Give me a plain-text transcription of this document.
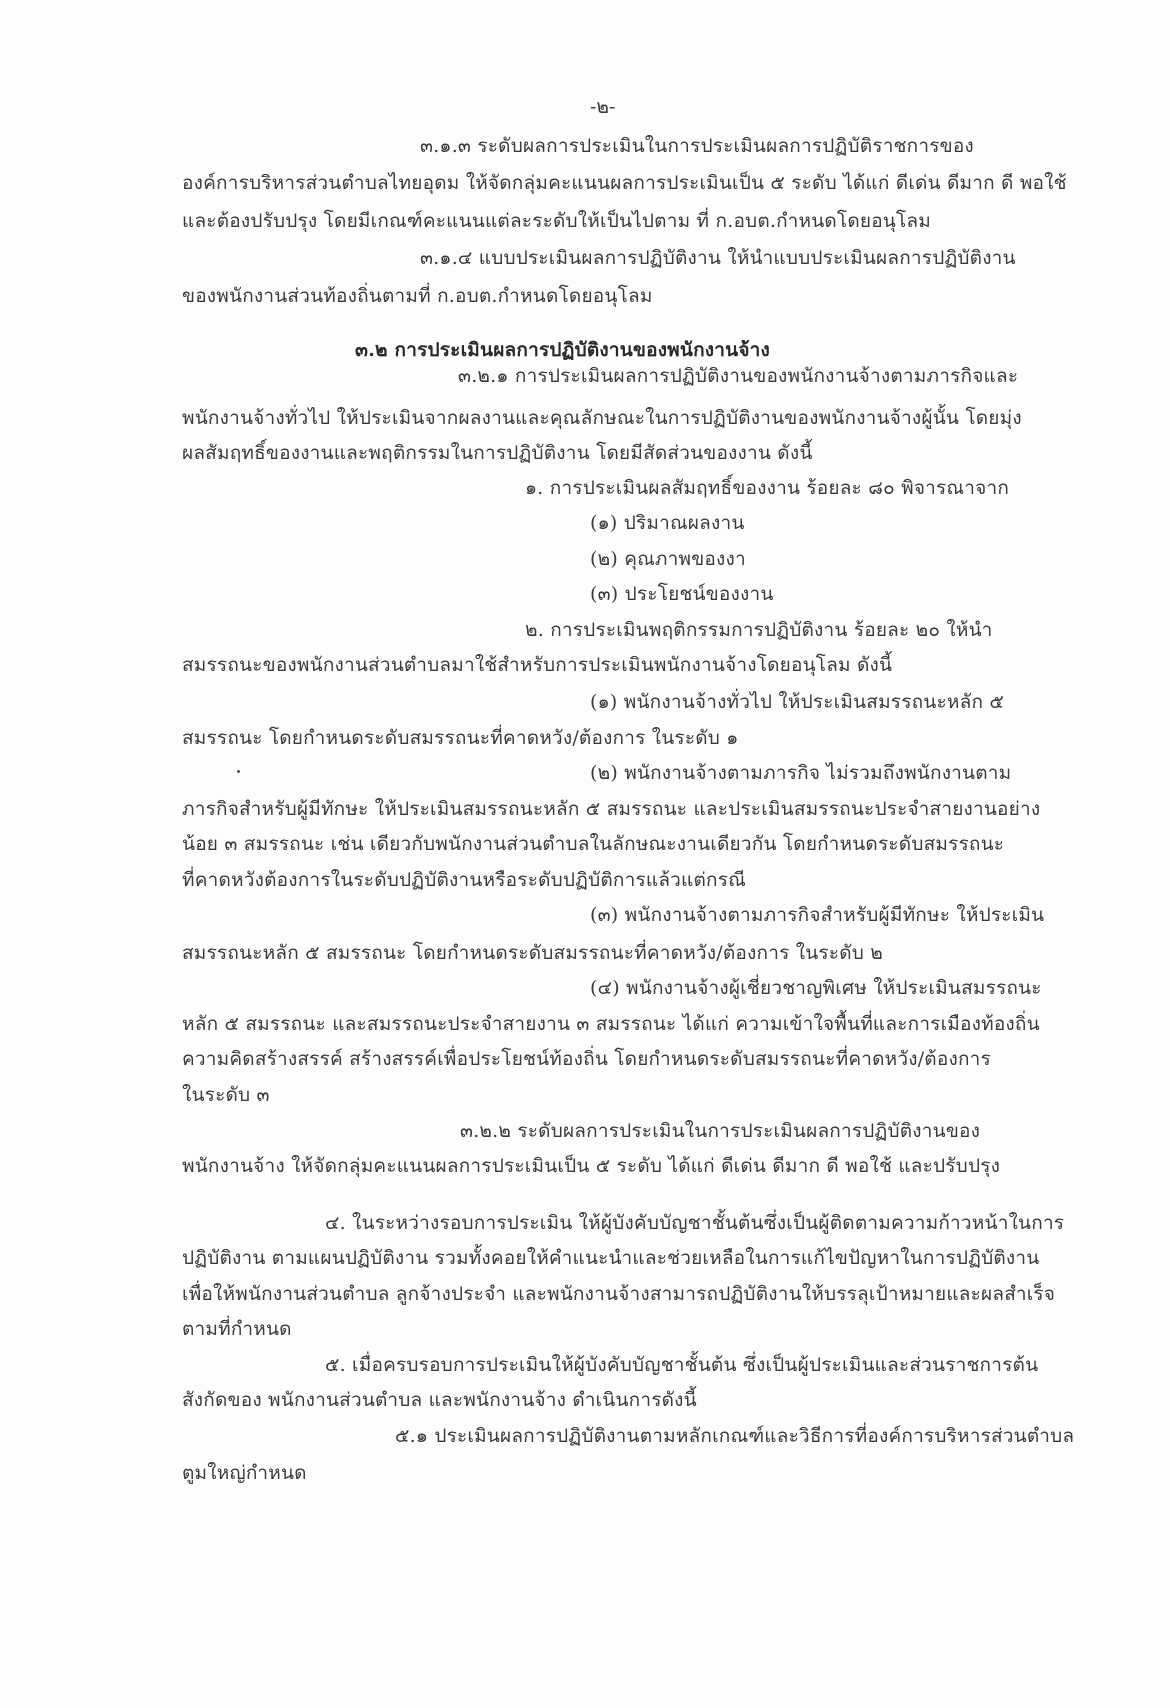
-๒-
๓.๑.๓ ระดับผลการประเมินในการประเมินผลการปฏิบัติราชการของ
องค์การบริหารส่วนตำบลไทยอุดม ให้จัดกลุ่มคะแนนผลการประเมินเป็น ๕ ระดับ ได้แก่ ดีเด่น ดีมาก ดี พอใช้
และต้องปรับปรุง โดยมีเกณฑ์คะแนนแต่ละระดับให้เป็นไปตาม ที่ ก.อบต.กำหนดโดยอนุโลม
๓.๑.๔ แบบประเมินผลการปฏิบัติงาน ให้นำแบบประเมินผลการปฏิบัติงาน
ของพนักงานส่วนท้องถิ่นตามที่ ก.อบต.กำหนดโดยอนุโลม
๓.๒ การประเมินผลการปฏิบัติงานของพนักงานจ้าง
๓.๒.๑ การประเมินผลการปฏิบัติงานของพนักงานจ้างตามภารกิจและ
พนักงานจ้างทั่วไป ให้ประเมินจากผลงานและคุณลักษณะในการปฏิบัติงานของพนักงานจ้างผู้นั้น โดยมุ่ง
ผลสัมฤทธิ์ของงานและพฤติกรรมในการปฏิบัติงาน โดยมีสัดส่วนของงาน ดังนี้
๑. การประเมินผลสัมฤทธิ์ของงาน ร้อยละ ๘๐ พิจารณาจาก
(๑) ปริมาณผลงาน
(๒) คุณภาพของงา
(๓) ประโยชน์ของงาน
๒. การประเมินพฤติกรรมการปฏิบัติงาน ร้อยละ ๒๐ ให้นำ
สมรรถนะของพนักงานส่วนตำบลมาใช้สำหรับการประเมินพนักงานจ้างโดยอนุโลม ดังนี้
(๑) พนักงานจ้างทั่วไป ให้ประเมินสมรรถนะหลัก ๕
สมรรถนะ โดยกำหนดระดับสมรรถนะที่คาดหวัง/ต้องการ ในระดับ ๑
(๒) พนักงานจ้างตามภารกิจ ไม่รวมถึงพนักงานตาม
ภารกิจสำหรับผู้มีทักษะ ให้ประเมินสมรรถนะหลัก ๕ สมรรถนะ และประเมินสมรรถนะประจำสายงานอย่าง
น้อย ๓ สมรรถนะ เช่น เดียวกับพนักงานส่วนตำบลในลักษณะงานเดียวกัน โดยกำหนดระดับสมรรถนะ
ที่คาดหวังต้องการในระดับปฏิบัติงานหรือระดับปฏิบัติการแล้วแต่กรณี
(๓) พนักงานจ้างตามภารกิจสำหรับผู้มีทักษะ ให้ประเมิน
สมรรถนะหลัก ๕ สมรรถนะ โดยกำหนดระดับสมรรถนะที่คาดหวัง/ต้องการ ในระดับ ๒
(๔) พนักงานจ้างผู้เชี่ยวชาญพิเศษ ให้ประเมินสมรรถนะ
หลัก ๕ สมรรถนะ และสมรรถนะประจำสายงาน ๓ สมรรถนะ ได้แก่ ความเข้าใจพื้นที่และการเมืองท้องถิ่น
ความคิดสร้างสรรค์ สร้างสรรค์เพื่อประโยชน์ท้องถิ่น โดยกำหนดระดับสมรรถนะที่คาดหวัง/ต้องการ
ในระดับ ๓
๓.๒.๒ ระดับผลการประเมินในการประเมินผลการปฏิบัติงานของ
พนักงานจ้าง ให้จัดกลุ่มคะแนนผลการประเมินเป็น ๕ ระดับ ได้แก่ ดีเด่น ดีมาก ดี พอใช้ และปรับปรุง
๔. ในระหว่างรอบการประเมิน ให้ผู้บังคับบัญชาชั้นต้นซึ่งเป็นผู้ติดตามความก้าวหน้าในการ
ปฏิบัติงาน ตามแผนปฏิบัติงาน รวมทั้งคอยให้คำแนะนำและช่วยเหลือในการแก้ไขปัญหาในการปฏิบัติงาน
เพื่อให้พนักงานส่วนตำบล ลูกจ้างประจำ และพนักงานจ้างสามารถปฏิบัติงานให้บรรลุเป้าหมายและผลสำเร็จ
ตามที่กำหนด
๕. เมื่อครบรอบการประเมินให้ผู้บังคับบัญชาชั้นต้น ซึ่งเป็นผู้ประเมินและส่วนราชการต้น
สังกัดของ พนักงานส่วนตำบล และพนักงานจ้าง ดำเนินการดังนี้
๕.๑ ประเมินผลการปฏิบัติงานตามหลักเกณฑ์และวิธีการที่องค์การบริหารส่วนตำบล
ตูมใหญ่กำหนด
